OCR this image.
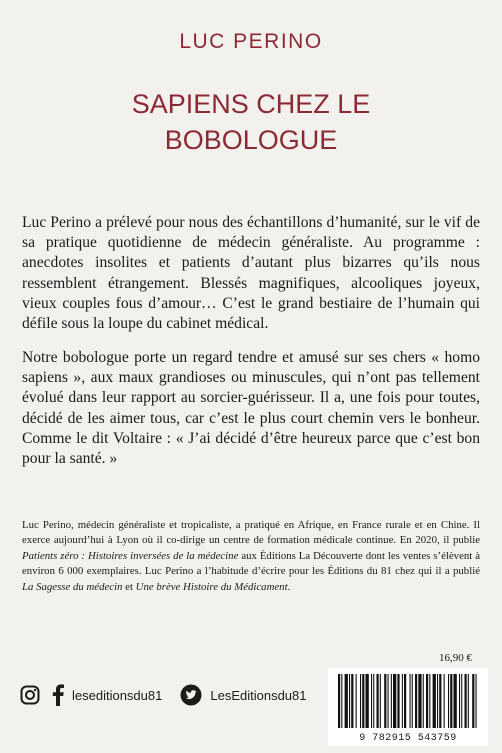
LUC PERINO
SAPIENS CHEZ LE
BOBOLOGUE

Luc Perino a prélevé pour nous des échantillons d’humanité, sur le vif de sa pratique quotidienne de médecin généraliste. Au programme : anecdotes insolites et patients d’autant plus bizarres qu’ils nous ressemblent étrangement. Blessés magnifiques, alcooliques joyeux, vieux couples fous d’amour… C’est le grand bestiaire de l’humain qui défile sous la loupe du cabinet médical.

Notre bobologue porte un regard tendre et amusé sur ses chers « homo sapiens », aux maux grandioses ou minuscules, qui n’ont pas tellement évolué dans leur rapport au sorcier-guérisseur. Il a, une fois pour toutes, décidé de les aimer tous, car c’est le plus court chemin vers le bonheur. Comme le dit Voltaire : « J’ai décidé d’être heureux parce que c’est bon pour la santé. »

Luc Perino, médecin généraliste et tropicaliste, a pratiqué en Afrique, en France rurale et en Chine. Il exerce aujourd’hui à Lyon où il co-dirige un centre de formation médicale continue. En 2020, il publie Patients zéro : Histoires inversées de la médecine aux Éditions La Découverte dont les ventes s’élèvent à environ 6 000 exemplaires. Luc Perino a l’habitude d’écrire pour les Éditions du 81 chez qui il a publié La Sagesse du médecin et Une brève Histoire du Médicament.

16,90 €
leseditionsdu81	LesEditionsdu81
9 782915 543759
